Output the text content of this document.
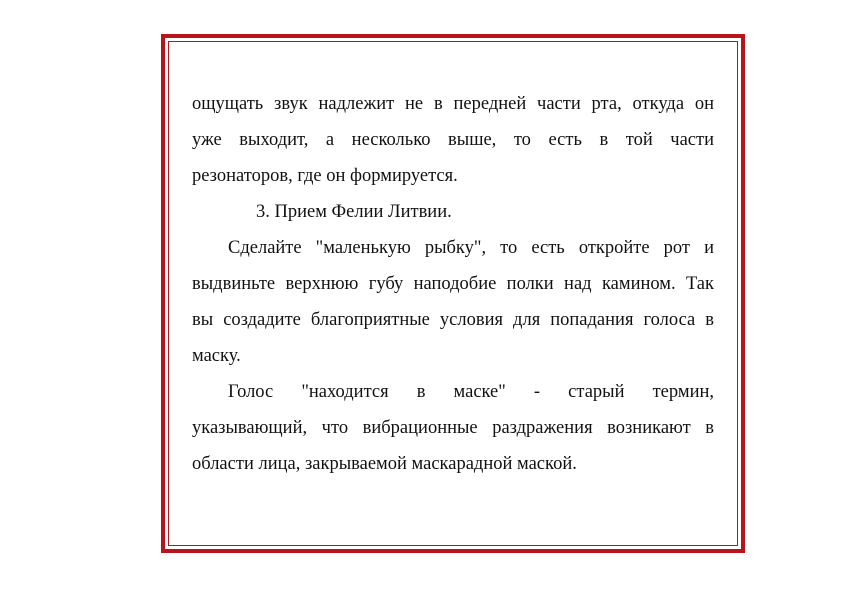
ощущать звук надлежит не в передней части рта, откуда он
уже выходит, а несколько выше, то есть в той части
резонаторов, где он формируется.
3. Прием Фелии Литвии.
Сделайте "маленькую рыбку", то есть откройте рот и
выдвиньте верхнюю губу наподобие полки над камином. Так
вы создадите благоприятные условия для попадания голоса в
маску.
Голос "находится в маске" - старый термин,
указывающий, что вибрационные раздражения возникают в
области лица, закрываемой маскарадной маской.
